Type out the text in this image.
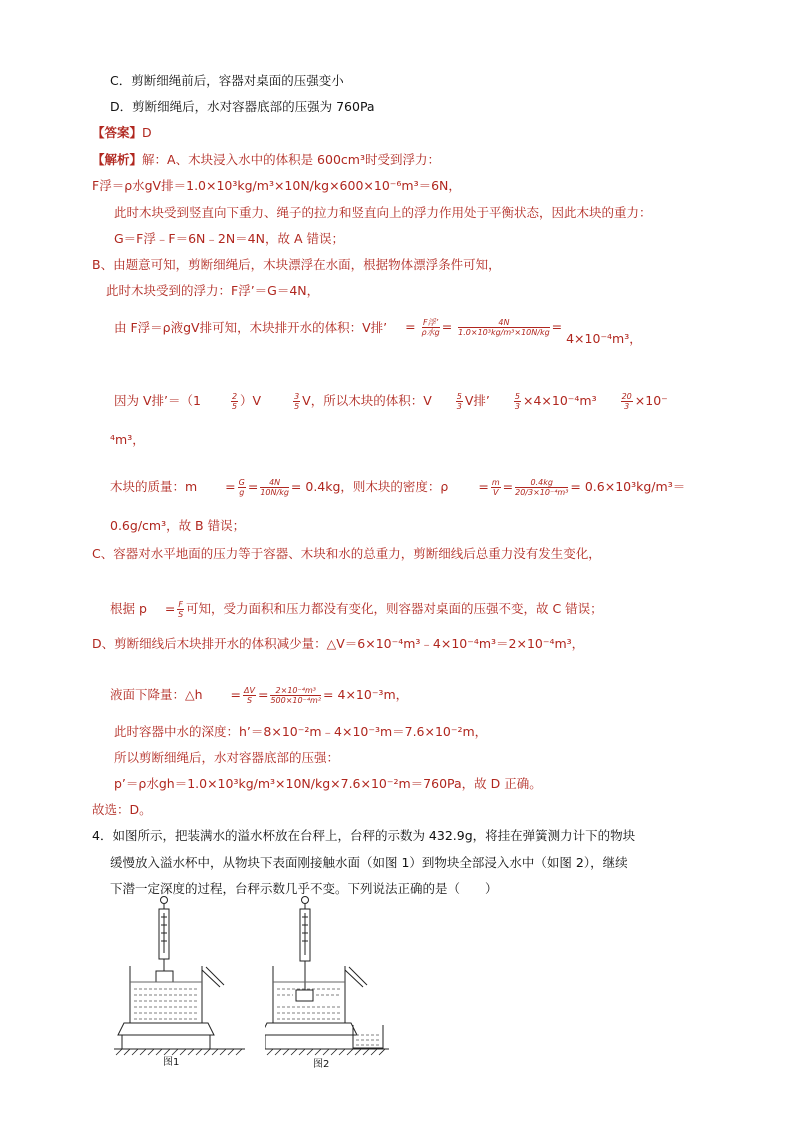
C．剪断细绳前后，容器对桌面的压强变小
D．剪断细绳后，水对容器底部的压强为 760Pa
【答案】D
【解析】解：A、木块浸入水中的体积是 600cm³时受到浮力：
F浮＝ρ水gV排＝1.0×10³kg/m³×10N/kg×600×10⁻⁶m³＝6N，
此时木块受到竖直向下重力、绳子的拉力和竖直向上的浮力作用处于平衡状态，因此木块的重力：
G＝F浮﹣F＝6N﹣2N＝4N，故 A 错误；
B、由题意可知，剪断细绳后，木块漂浮在水面，根据物体漂浮条件可知，
此时木块受到的浮力：F浮’＝G＝4N，
由 F浮＝ρ液gV排可知，木块排开水的体积：V排’ = $\frac{\text{F浮’}}{\text{ρ水g}} = \frac{4N}{\text{1.0×10³kg/m³×10N/kg}} = 4\times 10^{-4}m^3$，
因为 V排’＝（1	$\frac{2}{5} )V$	$\frac{3}{5}$ V，所以木块的体积：V	$\frac{5}{3}$ V排’	$\frac{5}{3} \times 4\times 10^{-4}m^3$	$\frac{20}{3} \times 10^-$
⁴m³，
木块的质量：$m = \frac{G}{g} = \frac{4N}{10N/kg} = 0.4kg$，则木块的密度：$\rho = \frac{m}{V} = \frac{0.4kg}{\text{20/3×10⁻⁴m³}} = 0.6\times 10^3kg/m^3=$
0.6g/cm³，故 B 错误；
C、容器对水平地面的压力等于容器、木块和水的总重力，剪断细线后总重力没有发生变化，
根据 $p = \frac{F}{S}$ 可知，受力面积和压力都没有变化，则容器对桌面的压强不变，故 C 错误；
D、剪断细线后木块排开水的体积减少量：△V＝6×10⁻⁴m³﹣4×10⁻⁴m³＝2×10⁻⁴m³，
液面下降量：△h = $\frac{\Delta V}{S} = \frac{\text{2×10⁻⁴m³}}{\text{500×10⁻⁴m²}} = 4\times 10^{-3}m$，
此时容器中水的深度：h’＝8×10⁻²m﹣4×10⁻³m＝7.6×10⁻²m，
所以剪断细绳后，水对容器底部的压强：
p’＝ρ水gh＝1.0×10³kg/m³×10N/kg×7.6×10⁻²m＝760Pa，故 D 正确。
故选：D。
4．如图所示，把装满水的溢水杯放在台秤上，台秤的示数为 432.9g，将挂在弹簧测力计下的物块
缓慢放入溢水杯中，从物块下表面刚接触水面（如图 1）到物块全部浸入水中（如图 2），继续
下潜一定深度的过程，台秤示数几乎不变。下列说法正确的是（　　）
图1	图2
